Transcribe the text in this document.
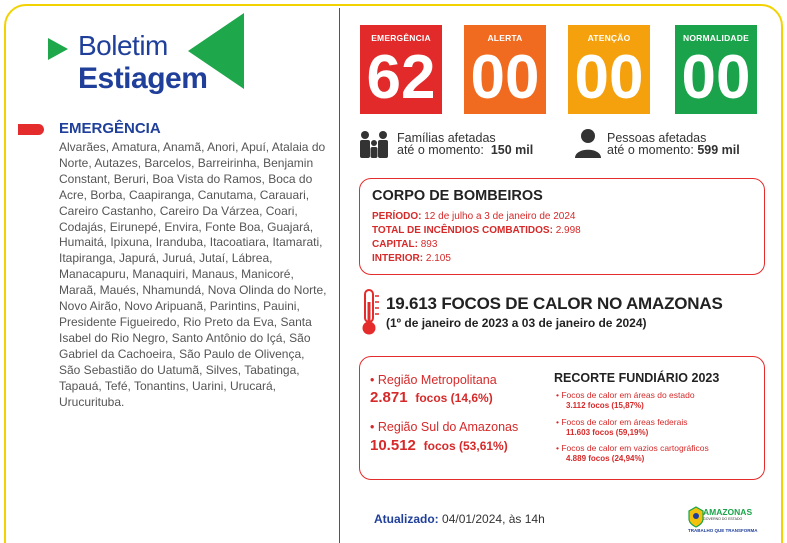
Boletim
Estiagem
EMERGÊNCIA
Alvarães, Amatura, Anamã, Anori, Apuí, Atalaia do Norte, Autazes, Barcelos, Barreirinha, Benjamin Constant, Beruri, Boa Vista do Ramos, Boca do Acre, Borba, Caapiranga, Canutama, Carauari, Careiro Castanho, Careiro Da Várzea, Coari, Codajás, Eirunepé, Envira, Fonte Boa, Guajará, Humaitá, Ipixuna, Iranduba, Itacoatiara, Itamarati, Itapiranga, Japurá, Juruá, Jutaí, Lábrea, Manacapuru, Manaquiri, Manaus, Manicoré, Maraã, Maués, Nhamundá, Nova Olinda do Norte, Novo Airão, Novo Aripuanã, Parintins, Pauini, Presidente Figueiredo, Rio Preto da Eva, Santa Isabel do Rio Negro, Santo Antônio do Içá, São Gabriel da Cachoeira, São Paulo de Olivença, São Sebastião do Uatumã, Silves, Tabatinga, Tapauá, Tefé, Tonantins, Uarini, Urucará, Urucurituba.
EMERGÊNCIA
62
ALERTA
00
ATENÇÃO
00
NORMALIDADE
00
Famílias afetadas
até o momento: 150 mil
Pessoas afetadas
até o momento: 599 mil
CORPO DE BOMBEIROS
PERÍODO: 12 de julho a 3 de janeiro de 2024
TOTAL DE INCÊNDIOS COMBATIDOS: 2.998
CAPITAL: 893
INTERIOR: 2.105
19.613 FOCOS DE CALOR NO AMAZONAS
(1º de janeiro de 2023 a 03 de janeiro de 2024)
• Região Metropolitana
2.871 focos (14,6%)
• Região Sul do Amazonas
10.512 focos (53,61%)
RECORTE FUNDIÁRIO 2023
• Focos de calor em áreas do estado
3.112 focos (15,87%)
• Focos de calor em áreas federais
11.603 focos (59,19%)
• Focos de calor em vazios cartográficos
4.889 focos (24,94%)
Atualizado: 04/01/2024, às 14h	AMAZONAS
GOVERNO DO ESTADO
TRABALHO QUE TRANSFORMA
